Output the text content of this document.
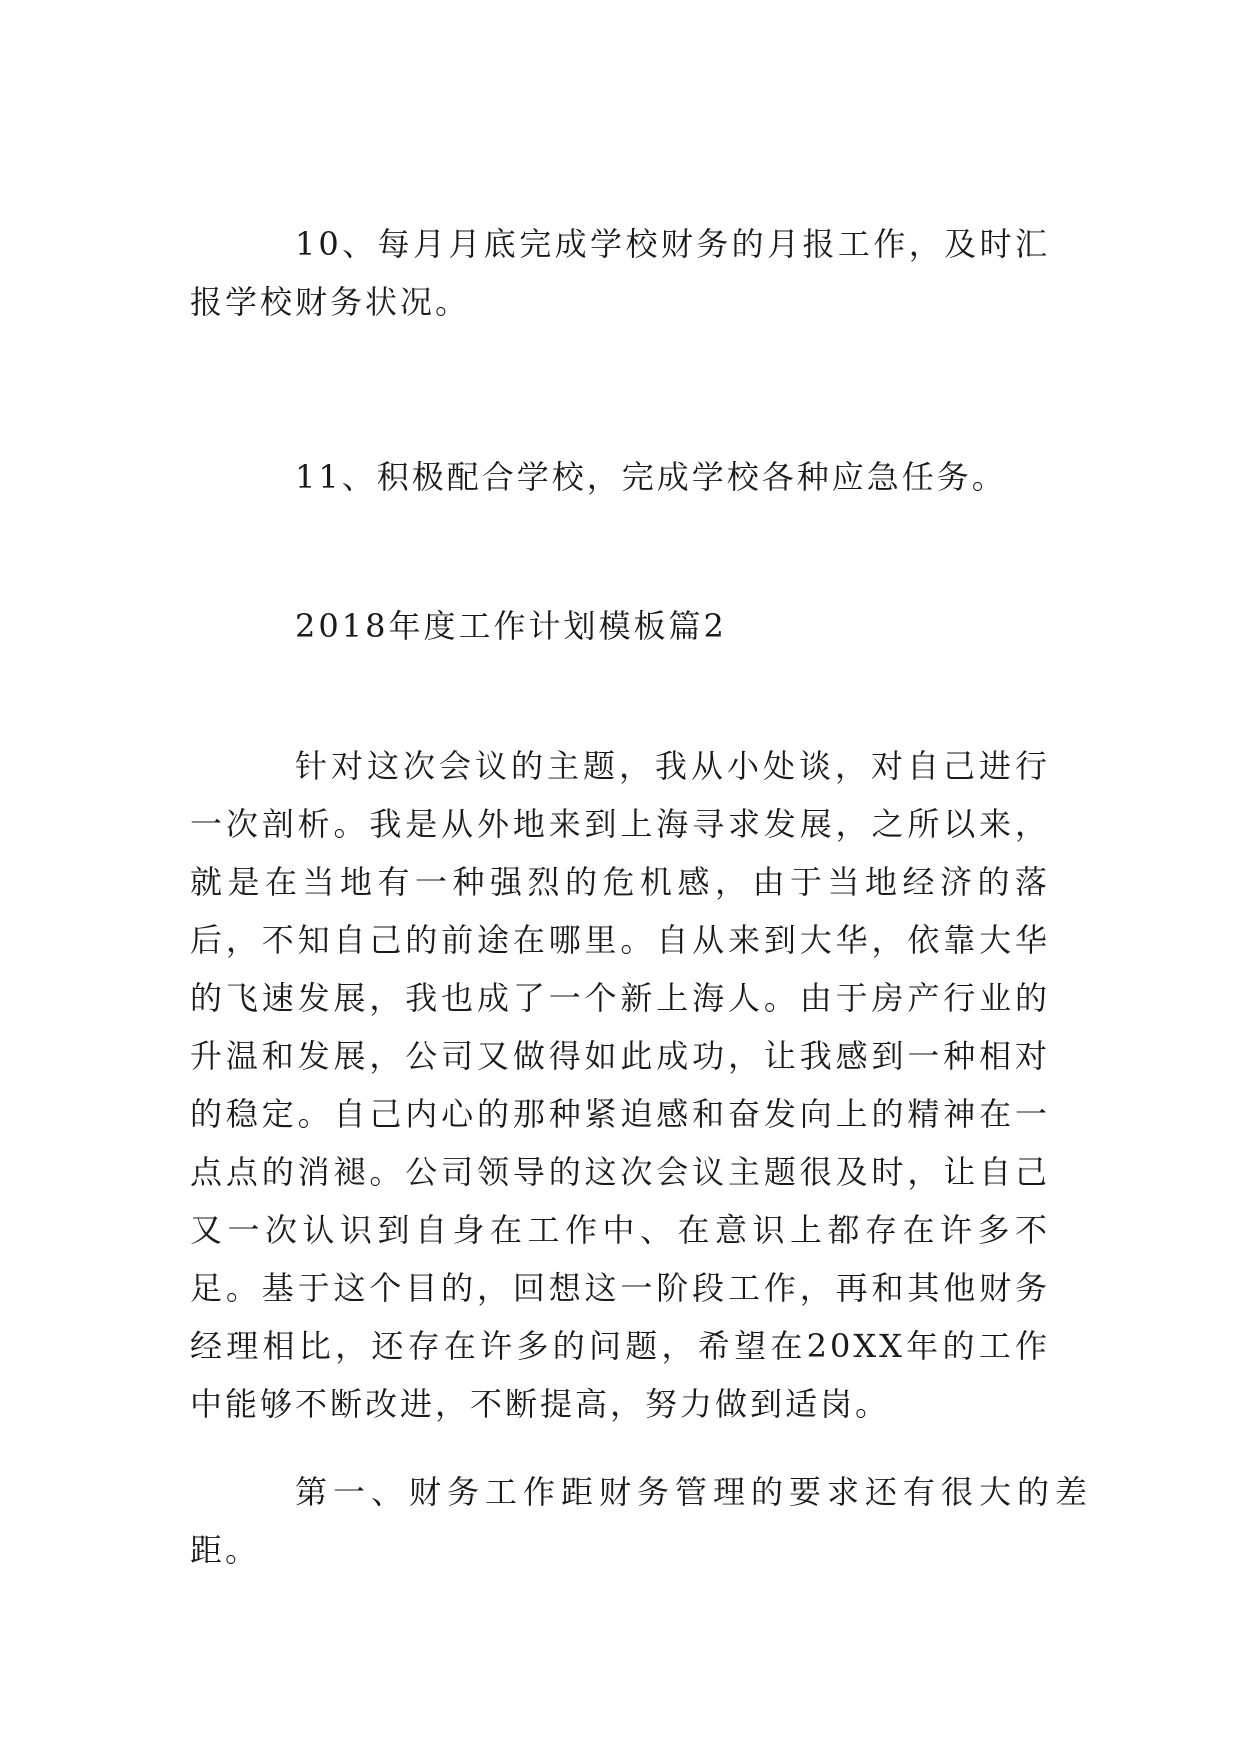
10、每月月底完成学校财务的月报工作，及时汇报学校财务状况。

11、积极配合学校，完成学校各种应急任务。

2018年度工作计划模板篇2

针对这次会议的主题，我从小处谈，对自己进行一次剖析。我是从外地来到上海寻求发展，之所以来，就是在当地有一种强烈的危机感，由于当地经济的落后，不知自己的前途在哪里。自从来到大华，依靠大华的飞速发展，我也成了一个新上海人。由于房产行业的升温和发展，公司又做得如此成功，让我感到一种相对的稳定。自己内心的那种紧迫感和奋发向上的精神在一点点的消褪。公司领导的这次会议主题很及时，让自己又一次认识到自身在工作中、在意识上都存在许多不足。基于这个目的，回想这一阶段工作，再和其他财务经理相比，还存在许多的问题，希望在20XX年的工作中能够不断改进，不断提高，努力做到适岗。

第一、财务工作距财务管理的要求还有很大的差距。
